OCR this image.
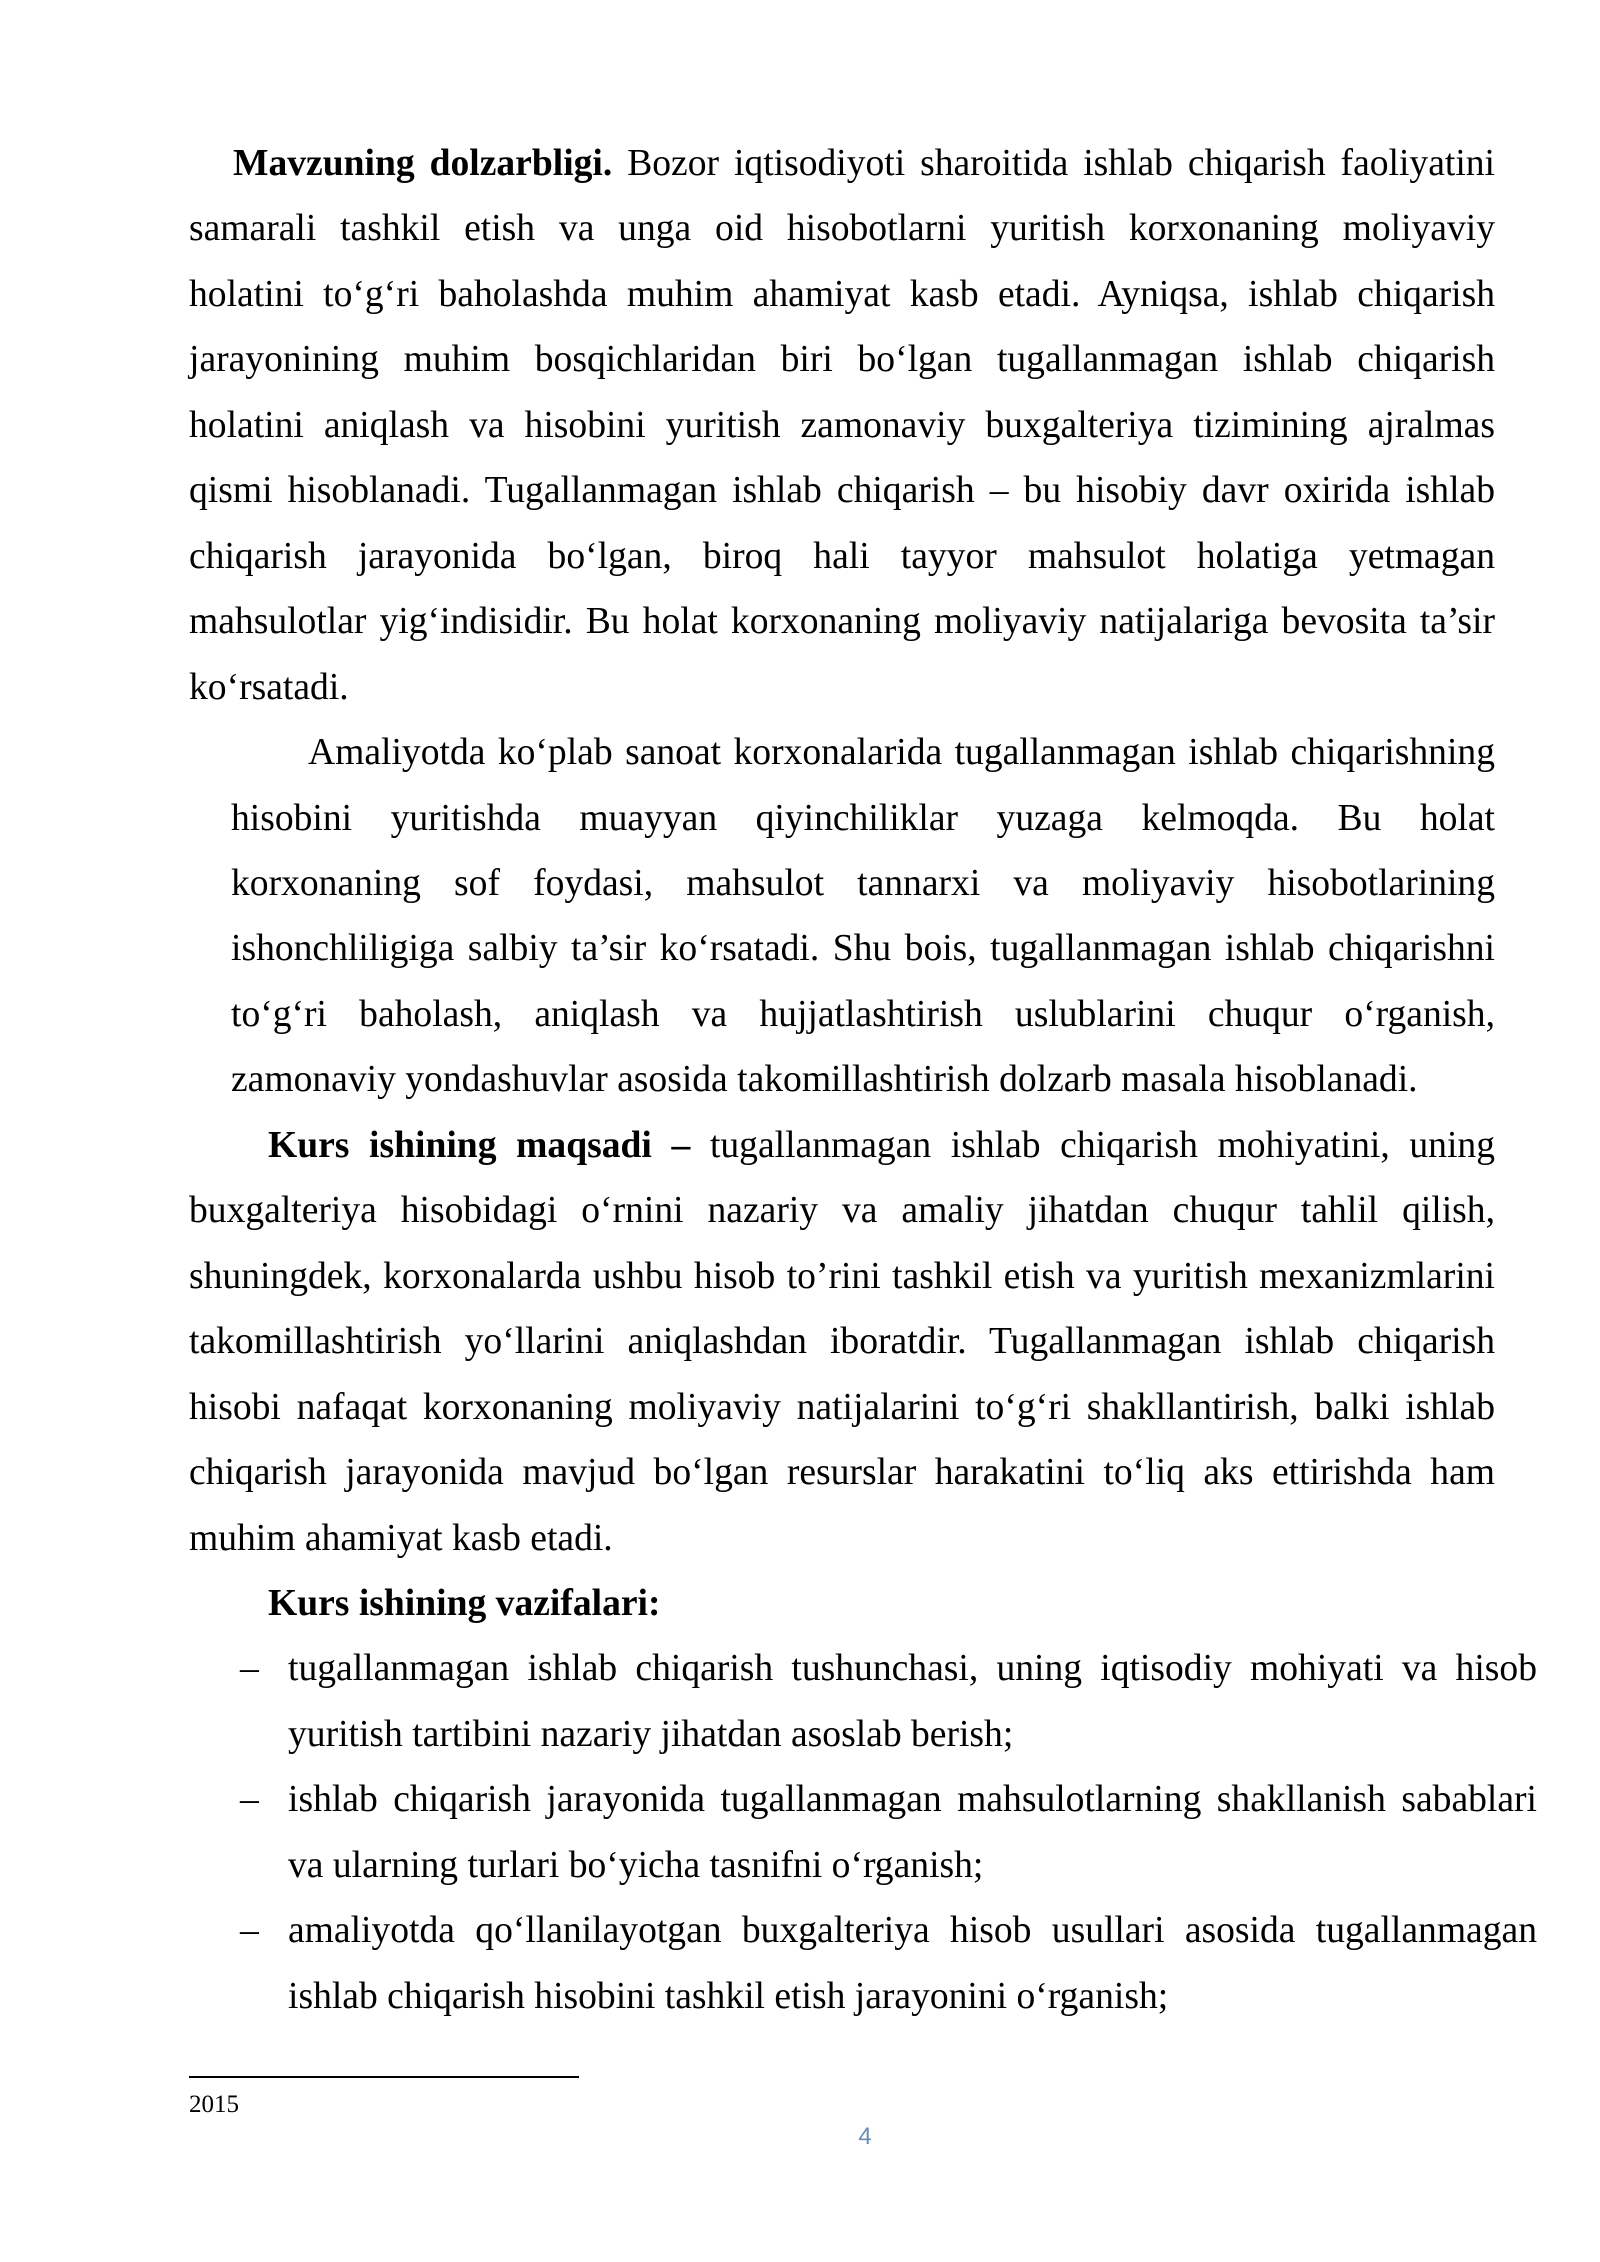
Mavzuning dolzarbligi. Bozor iqtisodiyoti sharoitida ishlab chiqarish faoliyatini
samarali tashkil etish va unga oid hisobotlarni yuritish korxonaning moliyaviy
holatini to‘g‘ri baholashda muhim ahamiyat kasb etadi. Ayniqsa, ishlab chiqarish
jarayonining muhim bosqichlaridan biri bo‘lgan tugallanmagan ishlab chiqarish
holatini aniqlash va hisobini yuritish zamonaviy buxgalteriya tizimining ajralmas
qismi hisoblanadi. Tugallanmagan ishlab chiqarish – bu hisobiy davr oxirida ishlab
chiqarish jarayonida bo‘lgan, biroq hali tayyor mahsulot holatiga yetmagan
mahsulotlar yig‘indisidir. Bu holat korxonaning moliyaviy natijalariga bevosita ta’sir
ko‘rsatadi.
Amaliyotda ko‘plab sanoat korxonalarida tugallanmagan ishlab chiqarishning
hisobini yuritishda muayyan qiyinchiliklar yuzaga kelmoqda. Bu holat
korxonaning sof foydasi, mahsulot tannarxi va moliyaviy hisobotlarining
ishonchliligiga salbiy ta’sir ko‘rsatadi. Shu bois, tugallanmagan ishlab chiqarishni
to‘g‘ri baholash, aniqlash va hujjatlashtirish uslublarini chuqur o‘rganish,
zamonaviy yondashuvlar asosida takomillashtirish dolzarb masala hisoblanadi.
Kurs ishining maqsadi – tugallanmagan ishlab chiqarish mohiyatini, uning
buxgalteriya hisobidagi o‘rnini nazariy va amaliy jihatdan chuqur tahlil qilish,
shuningdek, korxonalarda ushbu hisob to’rini tashkil etish va yuritish mexanizmlarini
takomillashtirish yo‘llarini aniqlashdan iboratdir. Tugallanmagan ishlab chiqarish
hisobi nafaqat korxonaning moliyaviy natijalarini to‘g‘ri shakllantirish, balki ishlab
chiqarish jarayonida mavjud bo‘lgan resurslar harakatini to‘liq aks ettirishda ham
muhim ahamiyat kasb etadi.
Kurs ishining vazifalari:
– tugallanmagan ishlab chiqarish tushunchasi, uning iqtisodiy mohiyati va hisob
yuritish tartibini nazariy jihatdan asoslab berish;
– ishlab chiqarish jarayonida tugallanmagan mahsulotlarning shakllanish sabablari
va ularning turlari bo‘yicha tasnifni o‘rganish;
– amaliyotda qo‘llanilayotgan buxgalteriya hisob usullari asosida tugallanmagan
ishlab chiqarish hisobini tashkil etish jarayonini o‘rganish;
2015
4
